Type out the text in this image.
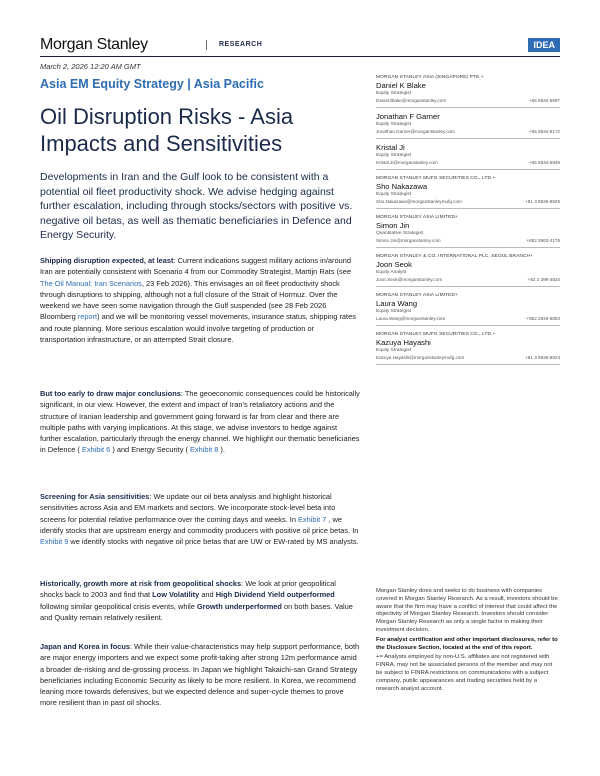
Morgan Stanley	RESEARCH	IDEA
March 2, 2026 12:20 AM GMT
Asia EM Equity Strategy | Asia Pacific
Oil Disruption Risks - Asia Impacts and Sensitivities
Developments in Iran and the Gulf look to be consistent with a potential oil fleet productivity shock. We advise hedging against further escalation, including through stocks/sectors with positive vs. negative oil betas, as well as thematic beneficiaries in Defence and Energy Security.
Shipping disruption expected, at least: Current indications suggest military actions in/around Iran are potentially consistent with Scenario 4 from our Commodity Strategist, Martijn Rats (see The Oil Manual: Iran Scenarios, 23 Feb 2026). This envisages an oil fleet productivity shock through disruptions to shipping, although not a full closure of the Strait of Hormuz. Over the weekend we have seen some navigation through the Gulf suspended (see 28 Feb 2026 Bloomberg report) and we will be monitoring vessel movements, insurance status, shipping rates and route planning. More serious escalation would involve targeting of production or transportation infrastructure, or an attempted Strait closure.
But too early to draw major conclusions: The geoeconomic consequences could be historically significant, in our view. However, the extent and impact of Iran's retaliatory actions and the structure of Iranian leadership and government going forward is far from clear and there are multiple paths with varying implications. At this stage, we advise investors to hedge against further escalation, particularly through the energy channel. We highlight our thematic beneficiaries in Defence ( Exhibit 6 ) and Energy Security ( Exhibit 8 ).
Screening for Asia sensitivities: We update our oil beta analysis and highlight historical sensitivities across Asia and EM markets and sectors. We incorporate stock-level beta into screens for potential relative performance over the coming days and weeks. In Exhibit 7 , we identify stocks that are upstream energy and commodity producers with positive oil price betas. In Exhibit 9 we identify stocks with negative oil price betas that are UW or EW-rated by MS analysts.
Historically, growth more at risk from geopolitical shocks: We look at prior geopolitical shocks back to 2003 and find that Low Volatility and High Dividend Yield outperformed following similar geopolitical crisis events, while Growth underperformed on both bases. Value and Quality remain relatively resilient.
Japan and Korea in focus: While their value-characteristics may help support performance, both are major energy importers and we expect some profit-taking after strong 12m performance amid a broader de-risking and de-grossing process. In Japan we highlight Takaichi-san Grand Strategy beneficiaries including Economic Security as likely to be more resilient. In Korea, we recommend leaning more towards defensives, but we expected defence and super-cycle themes to prove more resilient than in past oil shocks.
MORGAN STANLEY ASIA (SINGAPORE) PTE.+
Daniel K Blake
Equity Strategist
Daniel.Blake@morganstanley.com	+65 6834-6597
Jonathan F Garner
Equity Strategist
Jonathan.Garner@morganstanley.com	+65 6834-8172
Kristal Ji
Equity Strategist
Kristal.Ji@morganstanley.com	+65 6834-6949
MORGAN STANLEY MUFG SECURITIES CO., LTD.+
Sho Nakazawa
Equity Strategist
Sho.Nakazawa@morganstanleymufg.com	+81 3 6836-8926
MORGAN STANLEY ASIA LIMITED+
Simon Jin
Quantitative Strategist
Simon.Jin@morganstanley.com	+852 3963-4175
MORGAN STANLEY & CO. INTERNATIONAL PLC, SEOUL BRANCH+
Joon Seok
Equity Analyst
Joon.Seok@morganstanley.com	+82 2 399-4934
MORGAN STANLEY ASIA LIMITED+
Laura Wang
Equity Strategist
Laura.Wang@morganstanley.com	+852 2848-6853
MORGAN STANLEY MUFG SECURITIES CO., LTD.+
Kazuya Hayashi
Equity Strategist
Kazuya.Hayashi@morganstanleymufg.com	+81 3 6836-8923

Morgan Stanley does and seeks to do business with companies covered in Morgan Stanley Research. As a result, investors should be aware that the firm may have a conflict of interest that could affect the objectivity of Morgan Stanley Research. Investors should consider Morgan Stanley Research as only a single factor in making their investment decision.

For analyst certification and other important disclosures, refer to the Disclosure Section, located at the end of this report.

+= Analysts employed by non-U.S. affiliates are not registered with FINRA, may not be associated persons of the member and may not be subject to FINRA restrictions on communications with a subject company, public appearances and trading securities held by a research analyst account.
